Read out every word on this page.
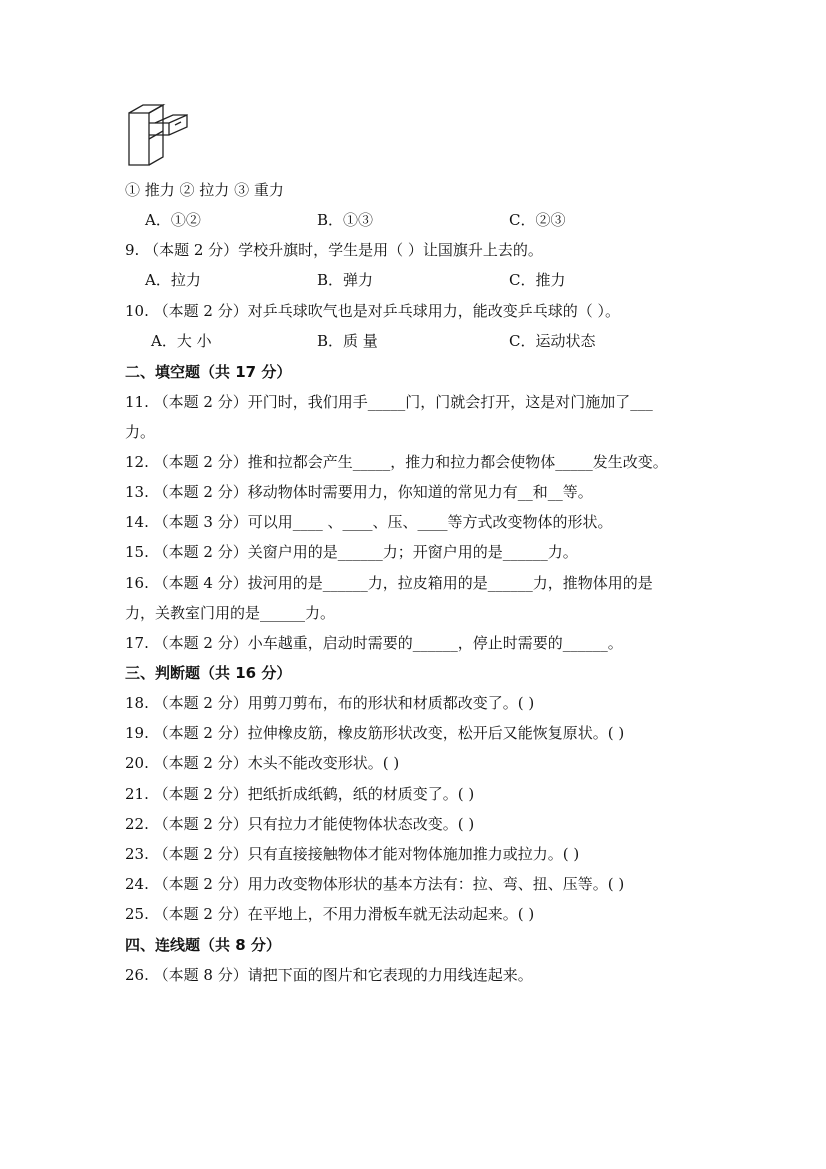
① 推力 ② 拉力 ③ 重力
A．①②	B．①③	C．②③
9. （本题 2 分）学校升旗时，学生是用（ ）让国旗升上去的。
A．拉力	B．弹力	C．推力
10. （本题 2 分）对乒乓球吹气也是对乒乓球用力，能改变乒乓球的（ ）。
A．大 小	B．质 量	C．运动状态
二、填空题（共 17 分）
11. （本题 2 分）开门时，我们用手_____门，门就会打开，这是对门施加了___
力。
12. （本题 2 分）推和拉都会产生_____，推力和拉力都会使物体_____发生改变。
13. （本题 2 分）移动物体时需要用力，你知道的常见力有__和__等。
14. （本题 3 分）可以用____ 、____、压、____等方式改变物体的形状。
15. （本题 2 分）关窗户用的是______力；开窗户用的是______力。
16. （本题 4 分）拔河用的是______力，拉皮箱用的是______力，推物体用的是
力，关教室门用的是______力。
17. （本题 2 分）小车越重，启动时需要的______，停止时需要的______。
三、判断题（共 16 分）
18. （本题 2 分）用剪刀剪布，布的形状和材质都改变了。( )
19. （本题 2 分）拉伸橡皮筋，橡皮筋形状改变，松开后又能恢复原状。( )
20. （本题 2 分）木头不能改变形状。( )
21. （本题 2 分）把纸折成纸鹤，纸的材质变了。( )
22. （本题 2 分）只有拉力才能使物体状态改变。( )
23. （本题 2 分）只有直接接触物体才能对物体施加推力或拉力。( )
24. （本题 2 分）用力改变物体形状的基本方法有：拉、弯、扭、压等。( )
25. （本题 2 分）在平地上，不用力滑板车就无法动起来。( )
四、连线题（共 8 分）
26. （本题 8 分）请把下面的图片和它表现的力用线连起来。
